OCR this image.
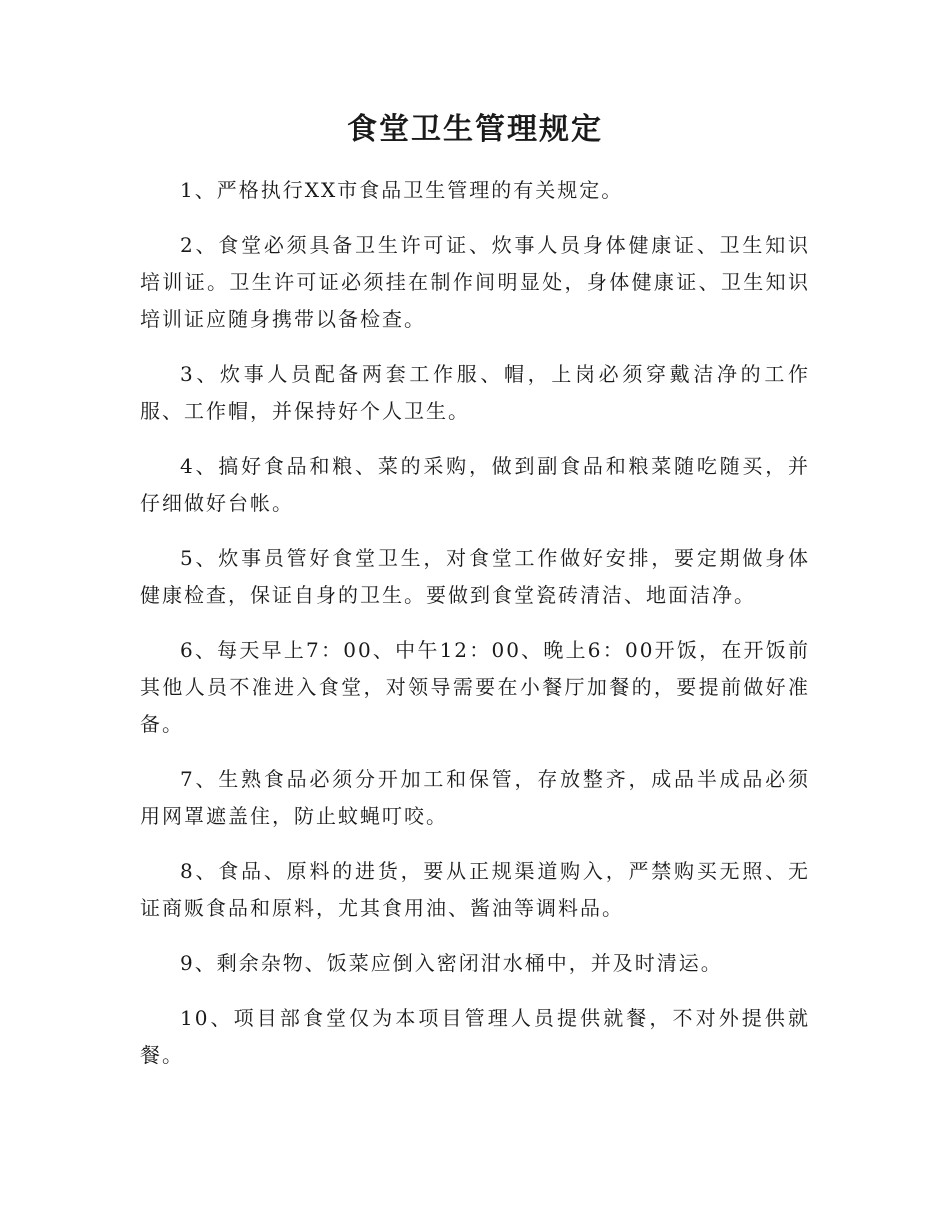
食堂卫生管理规定
1、严格执行XX市食品卫生管理的有关规定。
2、食堂必须具备卫生许可证、炊事人员身体健康证、卫生知识培训证。卫生许可证必须挂在制作间明显处，身体健康证、卫生知识培训证应随身携带以备检查。
3、炊事人员配备两套工作服、帽，上岗必须穿戴洁净的工作服、工作帽，并保持好个人卫生。
4、搞好食品和粮、菜的采购，做到副食品和粮菜随吃随买，并仔细做好台帐。
5、炊事员管好食堂卫生，对食堂工作做好安排，要定期做身体健康检查，保证自身的卫生。要做到食堂瓷砖清洁、地面洁净。
6、每天早上7：00、中午12：00、晚上6：00开饭，在开饭前其他人员不准进入食堂，对领导需要在小餐厅加餐的，要提前做好准备。
7、生熟食品必须分开加工和保管，存放整齐，成品半成品必须用网罩遮盖住，防止蚊蝇叮咬。
8、食品、原料的进货，要从正规渠道购入，严禁购买无照、无证商贩食品和原料，尤其食用油、酱油等调料品。
9、剩余杂物、饭菜应倒入密闭泔水桶中，并及时清运。
10、项目部食堂仅为本项目管理人员提供就餐，不对外提供就餐。
